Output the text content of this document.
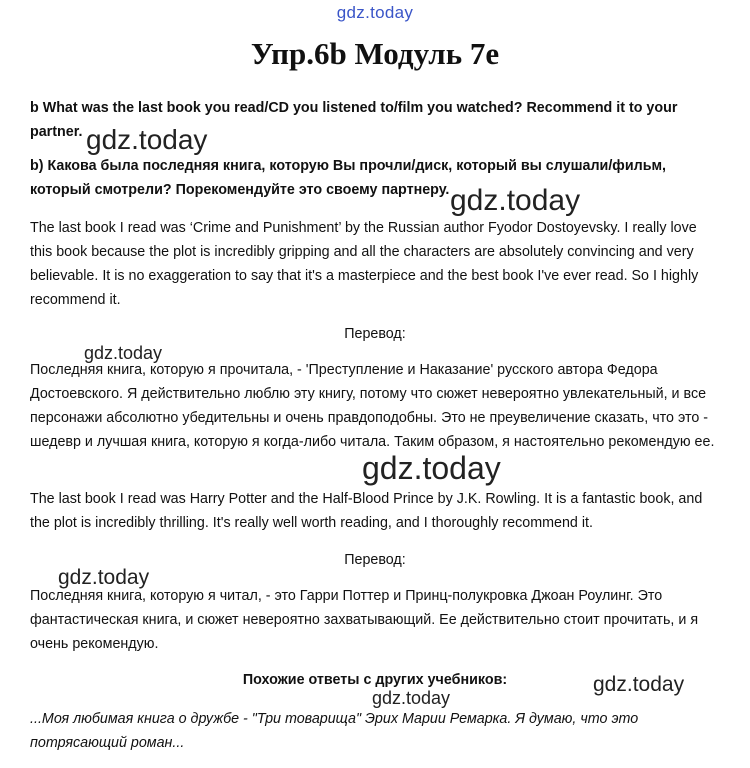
gdz.today
Упр.6b Модуль 7e

b What was the last book you read/CD you listened to/film you watched? Recommend it to your partner.

b) Какова была последняя книга, которую Вы прочли/диск, который вы слушали/фильм, который смотрели? Порекомендуйте это своему партнеру.

The last book I read was ‘Crime and Punishment’ by the Russian author Fyodor Dostoyevsky. I really love this book because the plot is incredibly gripping and all the characters are absolutely convincing and very believable. It is no exaggeration to say that it's a masterpiece and the best book I've ever read. So I highly recommend it.

Перевод:

Последняя книга, которую я прочитала, - 'Преступление и Наказание' русского автора Федора Достоевского. Я действительно люблю эту книгу, потому что сюжет невероятно увлекательный, и все персонажи абсолютно убедительны и очень правдоподобны. Это не преувеличение сказать, что это - шедевр и лучшая книга, которую я когда-либо читала. Таким образом, я настоятельно рекомендую ее.

The last book I read was Harry Potter and the Half-Blood Prince by J.K. Rowling. It is a fantastic book, and the plot is incredibly thrilling. It's really well worth reading, and I thoroughly recommend it.

Перевод:

Последняя книга, которую я читал, - это Гарри Поттер и Принц-полукровка Джоан Роулинг. Это фантастическая книга, и сюжет невероятно захватывающий. Ее действительно стоит прочитать, и я очень рекомендую.

Похожие ответы с других учебников:

...Моя любимая книга о дружбе - "Три товарища" Эрих Марии Ремарка. Я думаю, что это потрясающий роман...

gdz.today
gdz.today
gdz.today
gdz.today
gdz.today
gdz.today
gdz.today
